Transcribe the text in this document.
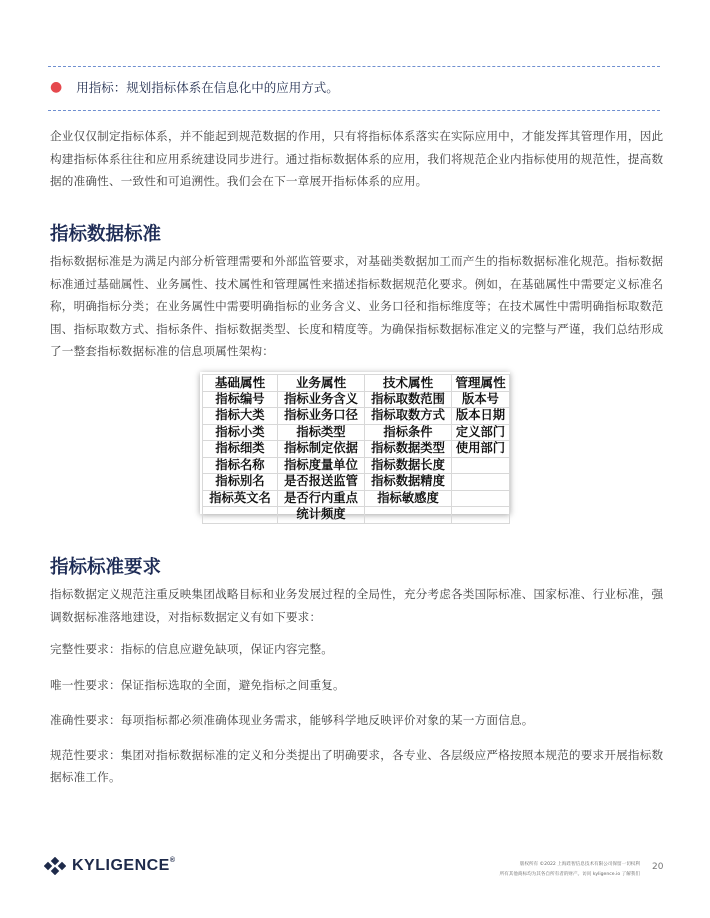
● 用指标：规划指标体系在信息化中的应用方式。
企业仅仅制定指标体系，并不能起到规范数据的作用，只有将指标体系落实在实际应用中，才能发挥其管理作用，因此构建指标体系往往和应用系统建设同步进行。通过指标数据体系的应用，我们将规范企业内指标使用的规范性，提高数据的准确性、一致性和可追溯性。我们会在下一章展开指标体系的应用。
指标数据标准
指标数据标准是为满足内部分析管理需要和外部监管要求，对基础类数据加工而产生的指标数据标准化规范。指标数据标准通过基础属性、业务属性、技术属性和管理属性来描述指标数据规范化要求。例如，在基础属性中需要定义标准名称，明确指标分类；在业务属性中需要明确指标的业务含义、业务口径和指标维度等；在技术属性中需明确指标取数范围、指标取数方式、指标条件、指标数据类型、长度和精度等。为确保指标数据标准定义的完整与严谨，我们总结形成了一整套指标数据标准的信息项属性架构：
基础属性	业务属性	技术属性	管理属性
指标编号	指标业务含义	指标取数范围	版本号
指标大类	指标业务口径	指标取数方式	版本日期
指标小类	指标类型	指标条件	定义部门
指标细类	指标制定依据	指标数据类型	使用部门
指标名称	指标度量单位	指标数据长度	
指标别名	是否报送监管	指标数据精度	
指标英文名	是否行内重点	指标敏感度	
	统计频度		
指标标准要求
指标数据定义规范注重反映集团战略目标和业务发展过程的全局性，充分考虑各类国际标准、国家标准、行业标准，强调数据标准落地建设，对指标数据定义有如下要求：
完整性要求：指标的信息应避免缺项，保证内容完整。
唯一性要求：保证指标选取的全面，避免指标之间重复。
准确性要求：每项指标都必须准确体现业务需求，能够科学地反映评价对象的某一方面信息。
规范性要求：集团对指标数据标准的定义和分类提出了明确要求，各专业、各层级应严格按照本规范的要求开展指标数据标准工作。
KYLIGENCE®
版权所有 ©2022 上海跬智信息技术有限公司保留一切权利
所有其他商标均为其各自所有者的财产。访问 kyligence.io 了解我们
20
